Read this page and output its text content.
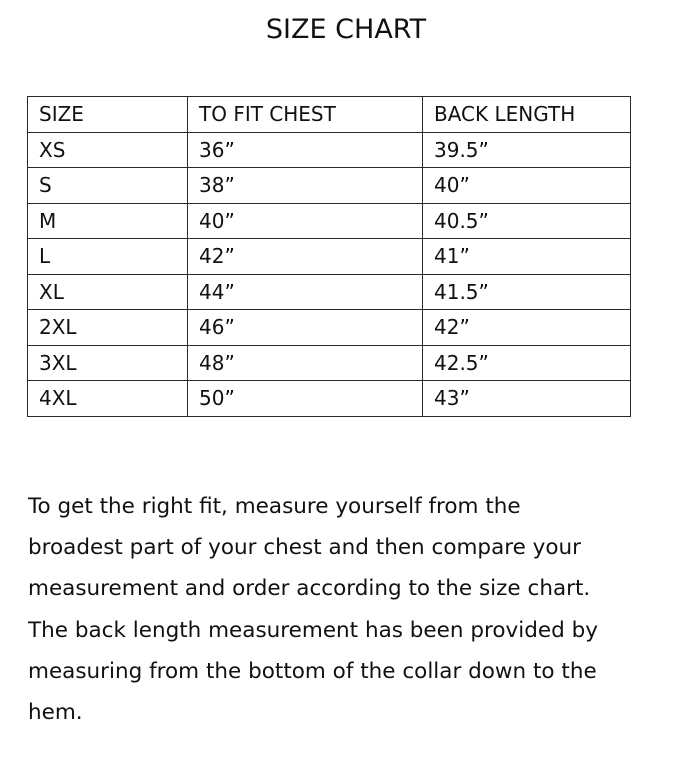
SIZE CHART
SIZE	TO FIT CHEST	BACK LENGTH
XS	36”	39.5”
S	38”	40”
M	40”	40.5”
L	42”	41”
XL	44”	41.5”
2XL	46”	42”
3XL	48”	42.5”
4XL	50”	43”

To get the right fit, measure yourself from the

broadest part of your chest and then compare your

measurement and order according to the size chart.

The back length measurement has been provided by

measuring from the bottom of the collar down to the

hem.
